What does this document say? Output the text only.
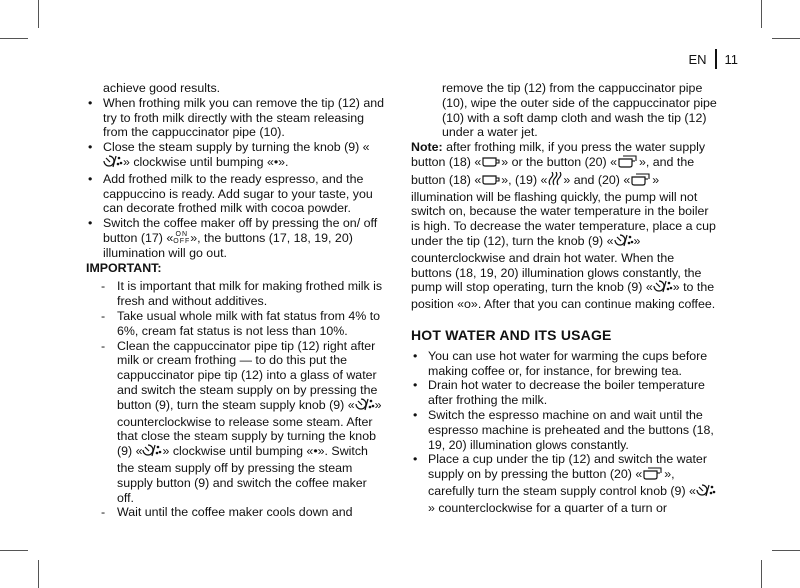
EN 11

achieve good results.

• When frothing milk you can remove the tip (12) and try to froth milk directly with the steam releasing from the cappuccinator pipe (10).
• Close the steam supply by turning the knob (9) «» clockwise until bumping «•».
• Add frothed milk to the ready espresso, and the cappuccino is ready. Add sugar to your taste, you can decorate frothed milk with cocoa powder.
• Switch the coffee maker off by pressing the on/ off button (17) « ON
OFF », the buttons (17, 18, 19, 20) illumination will go out.

IMPORTANT:

- It is important that milk for making frothed milk is fresh and without additives.
- Take usual whole milk with fat status from 4% to 6%, cream fat status is not less than 10%.
- Clean the cappuccinator pipe tip (12) right after milk or cream frothing — to do this put the cappuccinator pipe tip (12) into a glass of water and switch the steam supply on by pressing the button (9), turn the steam supply knob (9) « » counterclockwise to release some steam. After that close the steam supply by turning the knob (9) « » clockwise until bumping «•». Switch the steam supply off by pressing the steam supply button (9) and switch the coffee maker off.
- Wait until the coffee maker cools down and

remove the tip (12) from the cappuccinator pipe (10), wipe the outer side of the cappuccinator pipe (10) with a soft damp cloth and wash the tip (12) under a water jet.

Note: after frothing milk, if you press the water supply button (18) « » or the button (20) « », and the button (18) « », (19) « » and (20) « » illumination will be flashing quickly, the pump will not switch on, because the water temperature in the boiler is high. To decrease the water temperature, place a cup under the tip (12), turn the knob (9) « » counterclockwise and drain hot water. When the buttons (18, 19, 20) illumination glows constantly, the pump will stop operating, turn the knob (9) « » to the position «o». After that you can continue making coffee.

HOT WATER AND ITS USAGE
• You can use hot water for warming the cups before making coffee or, for instance, for brewing tea.
• Drain hot water to decrease the boiler temperature after frothing the milk.
• Switch the espresso machine on and wait until the espresso machine is preheated and the buttons (18, 19, 20) illumination glows constantly.
• Place a cup under the tip (12) and switch the water supply on by pressing the button (20) « », carefully turn the steam supply control knob (9) «» counterclockwise for a quarter of a turn or
